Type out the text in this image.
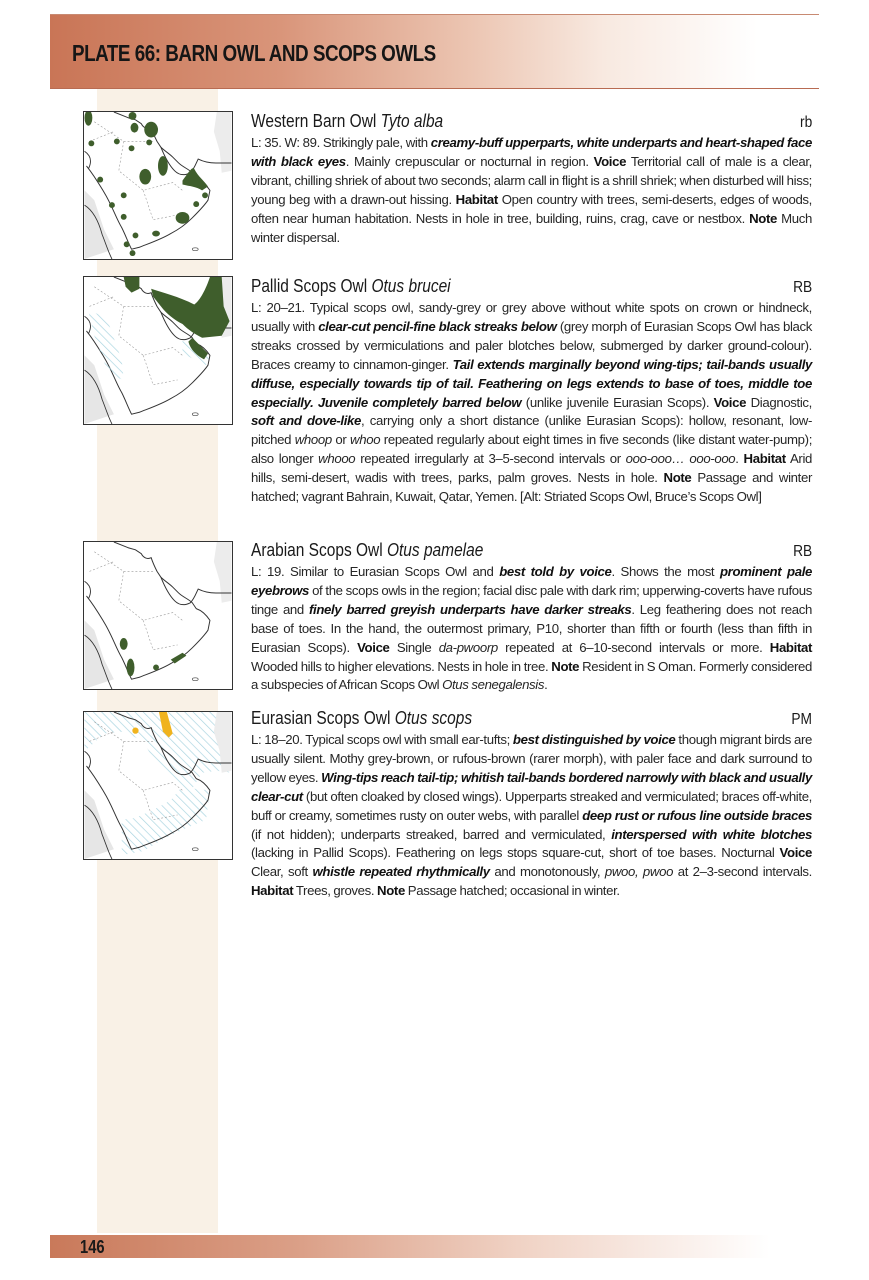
PLATE 66: BARN OWL AND SCOPS OWLS
Western Barn Owl Tyto alba	rb
L: 35. W: 89. Strikingly pale, with creamy-buff upperparts, white underparts and heart-shaped face with black eyes. Mainly crepuscular or nocturnal in region. Voice Territorial call of male is a clear, vibrant, chilling shriek of about two seconds; alarm call in flight is a shrill shriek; when disturbed will hiss; young beg with a drawn-out hissing. Habitat Open country with trees, semi-deserts, edges of woods, often near human habitation. Nests in hole in tree, building, ruins, crag, cave or nestbox. Note Much winter dispersal.
Pallid Scops Owl Otus brucei	RB
L: 20–21. Typical scops owl, sandy-grey or grey above without white spots on crown or hindneck, usually with clear-cut pencil-fine black streaks below (grey morph of Eurasian Scops Owl has black streaks crossed by vermiculations and paler blotches below, submerged by darker ground-colour). Braces creamy to cinnamon-ginger. Tail extends marginally beyond wing-tips; tail-bands usually diffuse, especially towards tip of tail. Feathering on legs extends to base of toes, middle toe especially. Juvenile completely barred below (unlike juvenile Eurasian Scops). Voice Diagnostic, soft and dove-like, carrying only a short distance (unlike Eurasian Scops): hollow, resonant, low-pitched whoop or whoo repeated regularly about eight times in five seconds (like distant water-pump); also longer whooo repeated irregularly at 3–5-second intervals or ooo-ooo… ooo-ooo. Habitat Arid hills, semi-desert, wadis with trees, parks, palm groves. Nests in hole. Note Passage and winter hatched; vagrant Bahrain, Kuwait, Qatar, Yemen. [Alt: Striated Scops Owl, Bruce’s Scops Owl]
Arabian Scops Owl Otus pamelae	RB
L: 19. Similar to Eurasian Scops Owl and best told by voice. Shows the most prominent pale eyebrows of the scops owls in the region; facial disc pale with dark rim; upperwing-coverts have rufous tinge and finely barred greyish underparts have darker streaks. Leg feathering does not reach base of toes. In the hand, the outermost primary, P10, shorter than fifth or fourth (less than fifth in Eurasian Scops). Voice Single da-pwoorp repeated at 6–10-second intervals or more. Habitat Wooded hills to higher elevations. Nests in hole in tree. Note Resident in S Oman. Formerly considered a subspecies of African Scops Owl Otus senegalensis.
Eurasian Scops Owl Otus scops	PM
L: 18–20. Typical scops owl with small ear-tufts; best distinguished by voice though migrant birds are usually silent. Mothy grey-brown, or rufous-brown (rarer morph), with paler face and dark surround to yellow eyes. Wing-tips reach tail-tip; whitish tail-bands bordered narrowly with black and usually clear-cut (but often cloaked by closed wings). Upperparts streaked and vermiculated; braces off-white, buff or creamy, sometimes rusty on outer webs, with parallel deep rust or rufous line outside braces (if not hidden); underparts streaked, barred and vermiculated, interspersed with white blotches (lacking in Pallid Scops). Feathering on legs stops square-cut, short of toe bases. Nocturnal Voice Clear, soft whistle repeated rhythmically and monotonously, pwoo, pwoo at 2–3-second intervals. Habitat Trees, groves. Note Passage hatched; occasional in winter.
146
